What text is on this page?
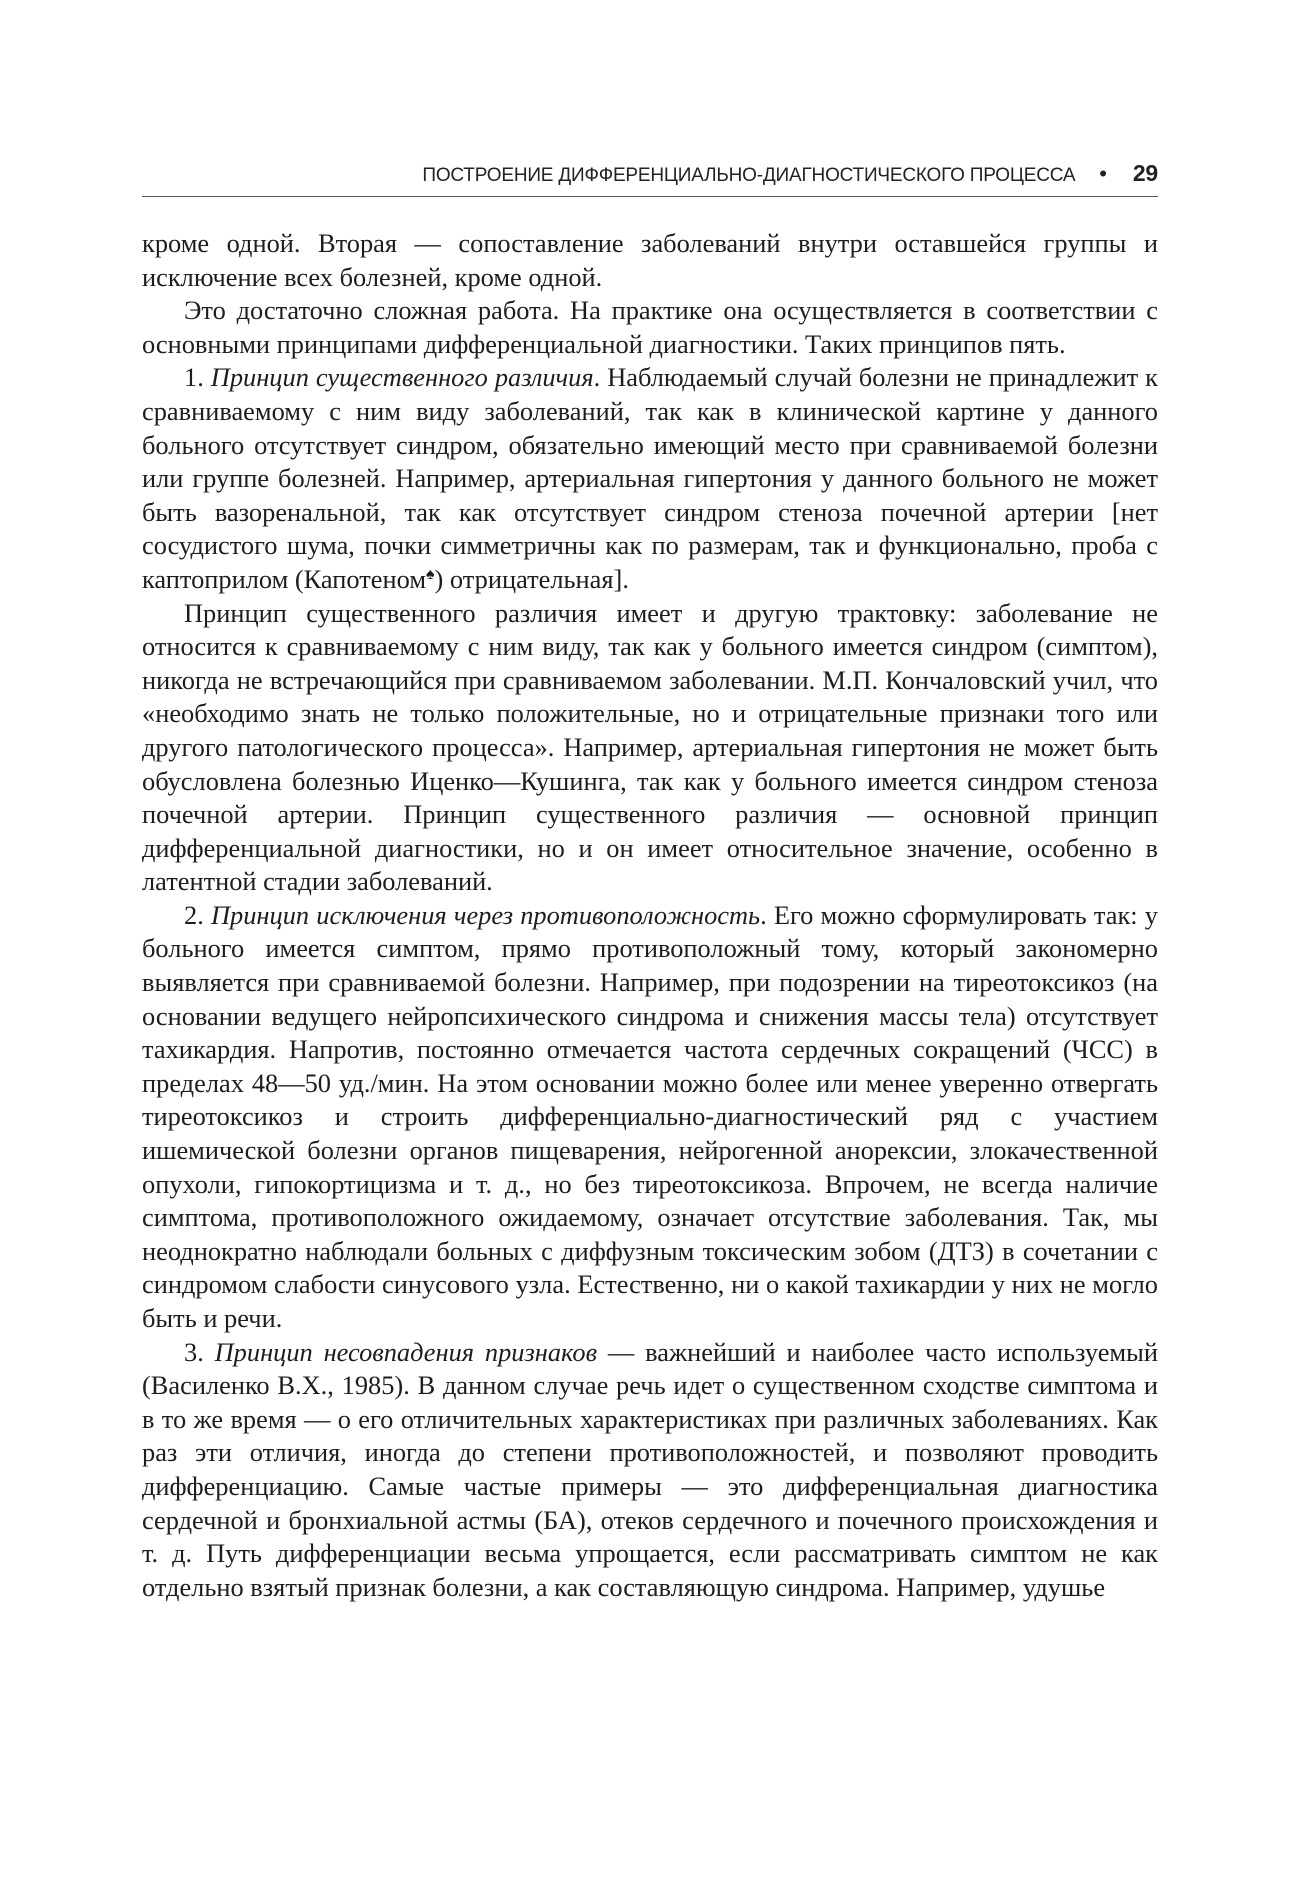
ПОСТРОЕНИЕ ДИФФЕРЕНЦИАЛЬНО-ДИАГНОСТИЧЕСКОГО ПРОЦЕССА • 29

кроме одной. Вторая — сопоставление заболеваний внутри оставшейся группы и исключение всех болезней, кроме одной.

Это достаточно сложная работа. На практике она осуществляется в соответствии с основными принципами дифференциальной диагностики. Таких принципов пять.

1. Принцип существенного различия. Наблюдаемый случай болезни не принадлежит к сравниваемому с ним виду заболеваний, так как в клинической картине у данного больного отсутствует синдром, обязательно имеющий место при сравниваемой болезни или группе болезней. Например, артериальная гипертония у данного больного не может быть вазоренальной, так как отсутствует синдром стеноза почечной артерии [нет сосудистого шума, почки симметричны как по размерам, так и функционально, проба с каптоприлом (Капотеном♠) отрицательная].

Принцип существенного различия имеет и другую трактовку: заболевание не относится к сравниваемому с ним виду, так как у больного имеется синдром (симптом), никогда не встречающийся при сравниваемом заболевании. М.П. Кончаловский учил, что «необходимо знать не только положительные, но и отрицательные признаки того или другого патологического процесса». Например, артериальная гипертония не может быть обусловлена болезнью Иценко—Кушинга, так как у больного имеется синдром стеноза почечной артерии. Принцип существенного различия — основной принцип дифференциальной диагностики, но и он имеет относительное значение, особенно в латентной стадии заболеваний.

2. Принцип исключения через противоположность. Его можно сформулировать так: у больного имеется симптом, прямо противоположный тому, который закономерно выявляется при сравниваемой болезни. Например, при подозрении на тиреотоксикоз (на основании ведущего нейропсихического синдрома и снижения массы тела) отсутствует тахикардия. Напротив, постоянно отмечается частота сердечных сокращений (ЧСС) в пределах 48—50 уд./мин. На этом основании можно более или менее уверенно отвергать тиреотоксикоз и строить дифференциально-диагностический ряд с участием ишемической болезни органов пищеварения, нейрогенной анорексии, злокачественной опухоли, гипокортицизма и т. д., но без тиреотоксикоза. Впрочем, не всегда наличие симптома, противоположного ожидаемому, означает отсутствие заболевания. Так, мы неоднократно наблюдали больных с диффузным токсическим зобом (ДТЗ) в сочетании с синдромом слабости синусового узла. Естественно, ни о какой тахикардии у них не могло быть и речи.

3. Принцип несовпадения признаков — важнейший и наиболее часто используемый (Василенко В.Х., 1985). В данном случае речь идет о существенном сходстве симптома и в то же время — о его отличительных характеристиках при различных заболеваниях. Как раз эти отличия, иногда до степени противоположностей, и позволяют проводить дифференциацию. Самые частые примеры — это дифференциальная диагностика сердечной и бронхиальной астмы (БА), отеков сердечного и почечного происхождения и т. д. Путь дифференциации весьма упрощается, если рассматривать симптом не как отдельно взятый признак болезни, а как составляющую синдрома. Например, удушье
